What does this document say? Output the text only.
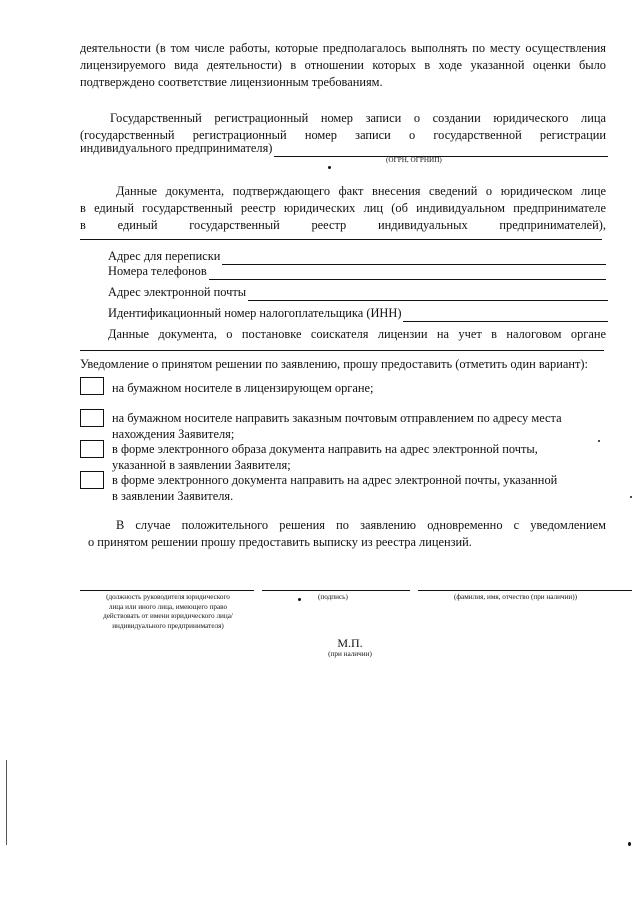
деятельности (в том числе работы, которые предполагалось выполнять по месту осуществления
лицензируемого вида деятельности) в отношении которых в ходе указанной оценки было
подтверждено соответствие лицензионным требованиям.
Государственный регистрационный номер записи о создании юридического лица
(государственный регистрационный номер записи о государственной регистрации
индивидуального предпринимателя)
(ОГРН, ОГРНИП)
Данные документа, подтверждающего факт внесения сведений о юридическом лице
в единый государственный реестр юридических лиц (об индивидуальном предпринимателе
в единый государственный реестр индивидуальных предпринимателей),
Адрес для переписки
Номера телефонов
Адрес электронной почты
Идентификационный номер налогоплательщика (ИНН)
Данные документа, о постановке соискателя лицензии на учет в налоговом органе
Уведомление о принятом решении по заявлению, прошу предоставить (отметить один вариант):
на бумажном носителе в лицензирующем органе;
на бумажном носителе направить заказным почтовым отправлением по адресу места
нахождения Заявителя;
в форме электронного образа документа направить на адрес электронной почты,
указанной в заявлении Заявителя;
в форме электронного документа направить на адрес электронной почты, указанной
в заявлении Заявителя.
В случае положительного решения по заявлению одновременно с уведомлением
о принятом решении прошу предоставить выписку из реестра лицензий.
(должность руководителя юридического
лица или иного лица, имеющего право
действовать от имени юридического лица/
индивидуального предпринимателя)
(подпись)	(фамилия, имя, отчество (при наличии))
М.П.
(при наличии)
